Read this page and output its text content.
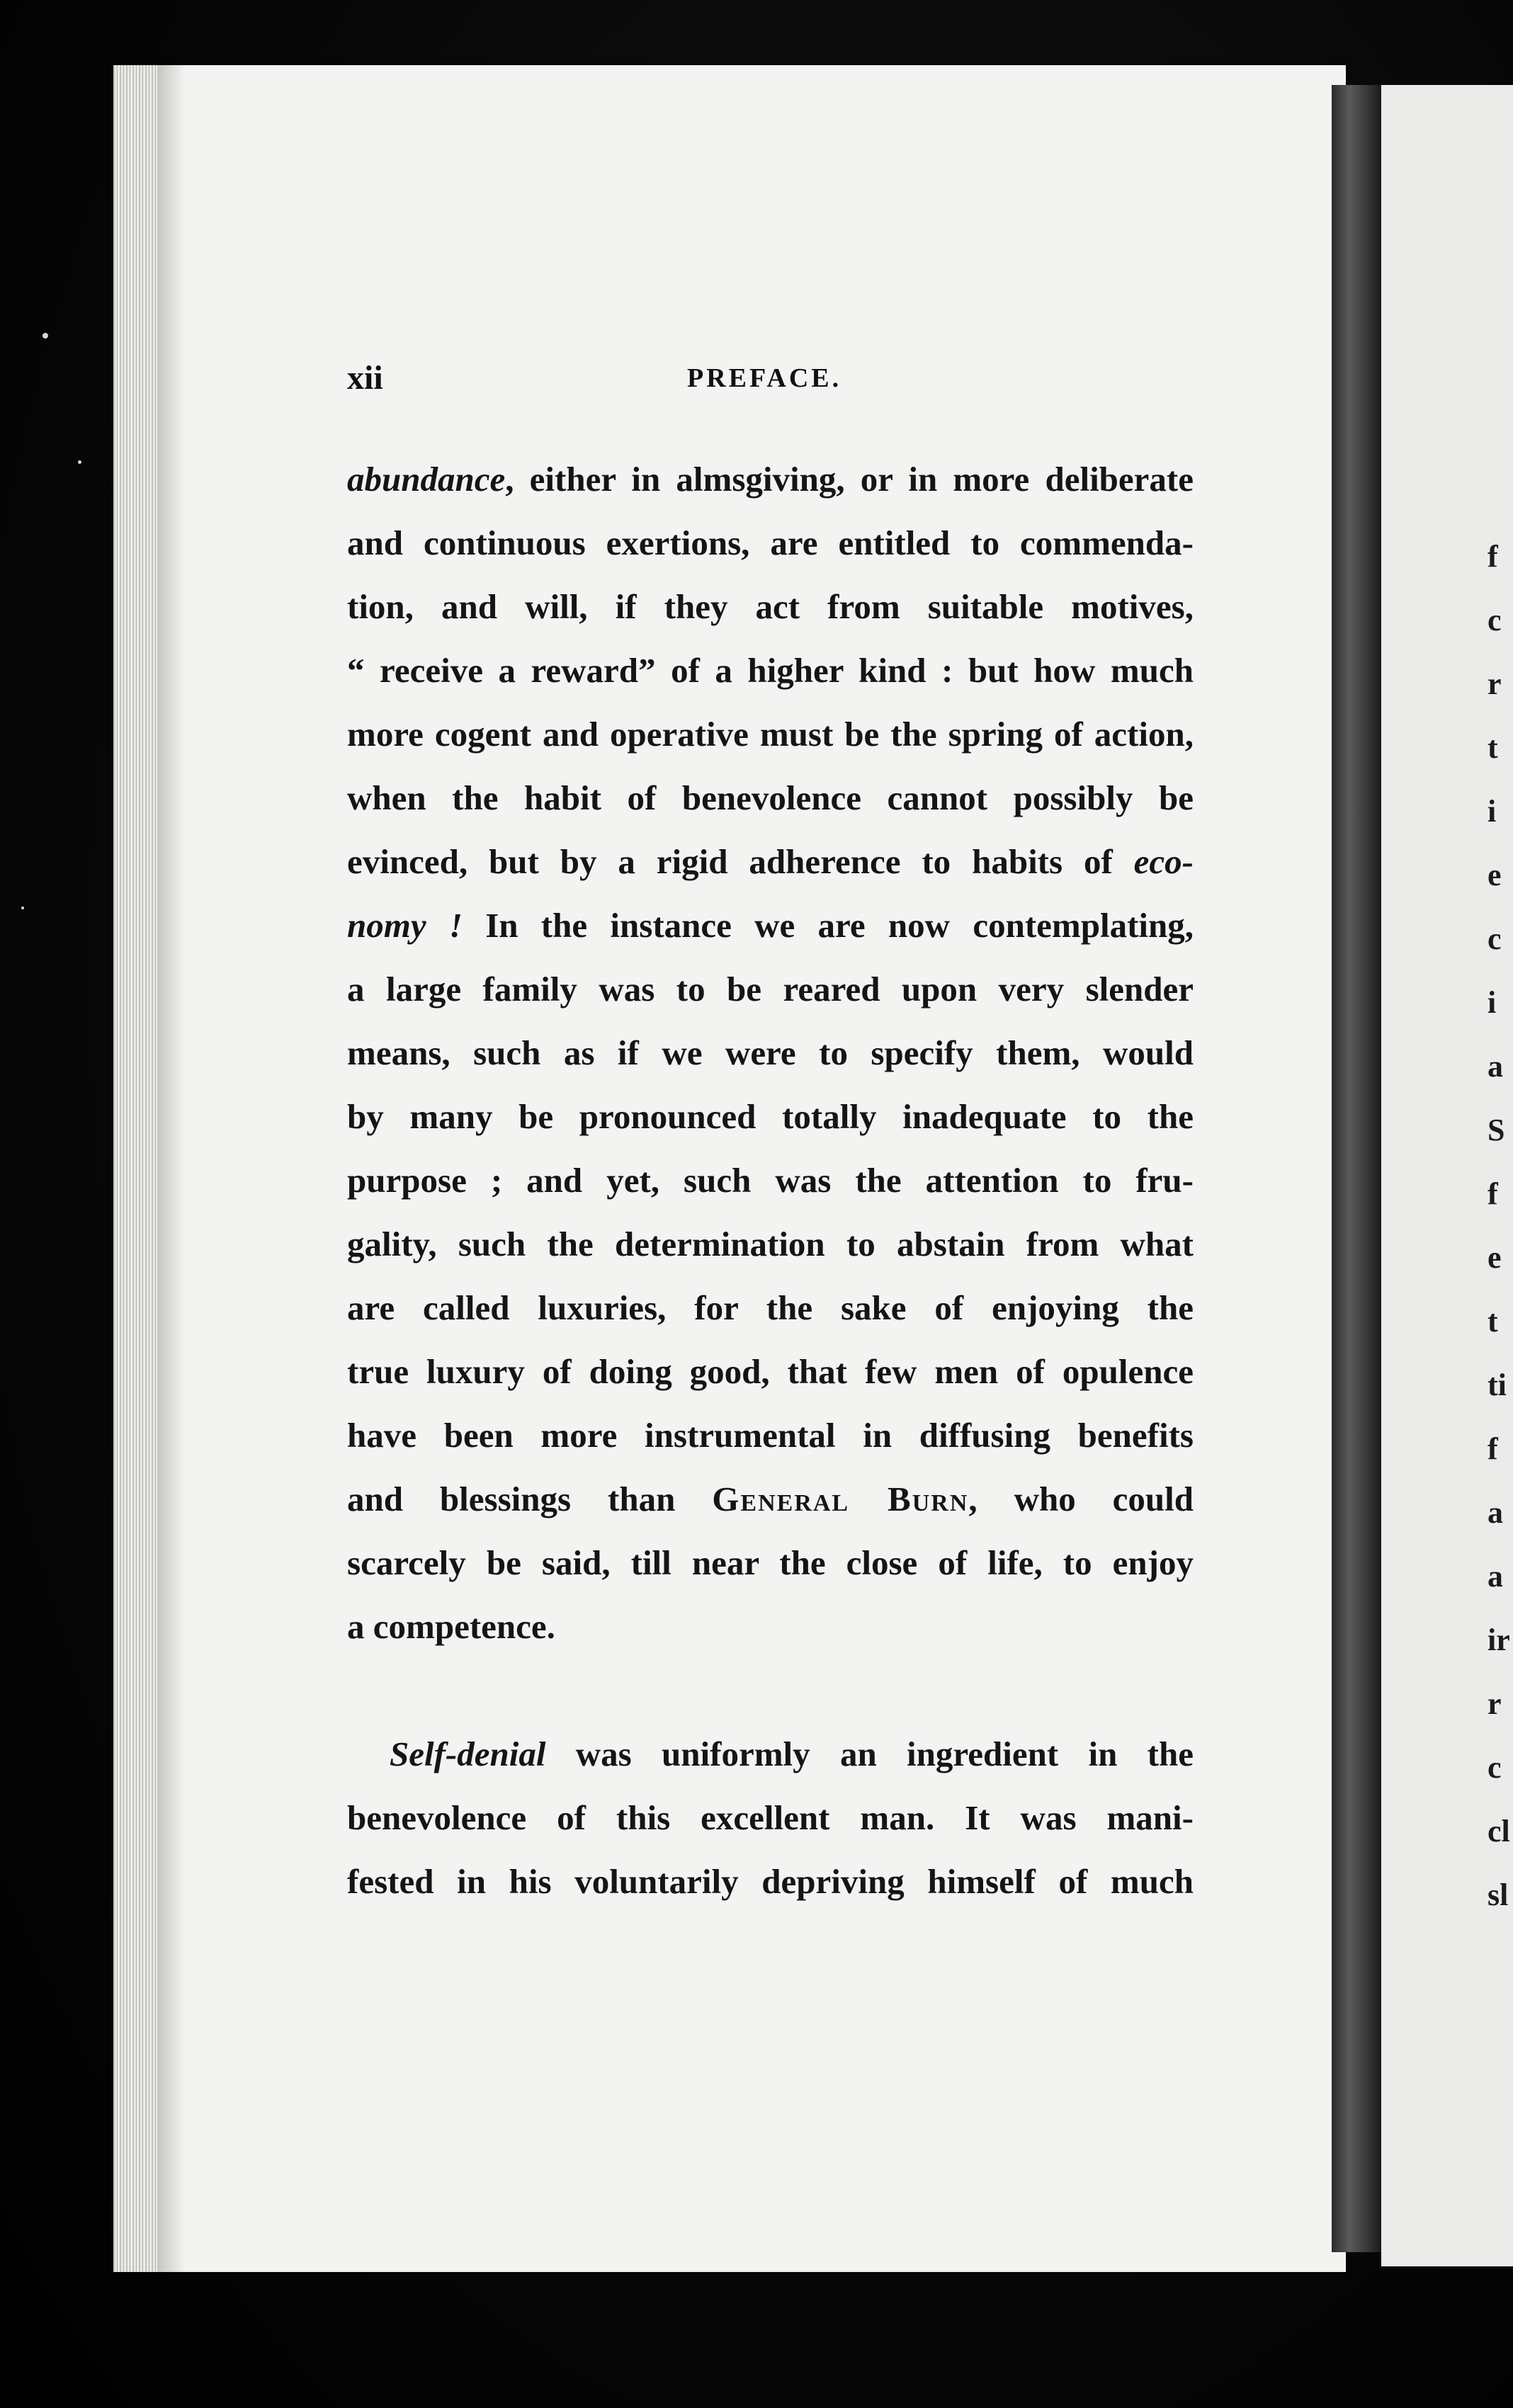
f
c
r
t
i
e
c
i
a
S
f
e
t
ti
f
a
a
ir
r
c
cl
sl
xii	PREFACE.
abundance, either in almsgiving, or in more deliberate
and continuous exertions, are entitled to commenda-
tion, and will, if they act from suitable motives,
“ receive a reward” of a higher kind : but how much
more cogent and operative must be the spring of action,
when the habit of benevolence cannot possibly be
evinced, but by a rigid adherence to habits of eco-
nomy ! In the instance we are now contemplating,
a large family was to be reared upon very slender
means, such as if we were to specify them, would
by many be pronounced totally inadequate to the
purpose ; and yet, such was the attention to fru-
gality, such the determination to abstain from what
are called luxuries, for the sake of enjoying the
true luxury of doing good, that few men of opulence
have been more instrumental in diffusing benefits
and blessings than General Burn, who could
scarcely be said, till near the close of life, to enjoy
a competence.
Self-denial was uniformly an ingredient in the
benevolence of this excellent man. It was mani-
fested in his voluntarily depriving himself of much
